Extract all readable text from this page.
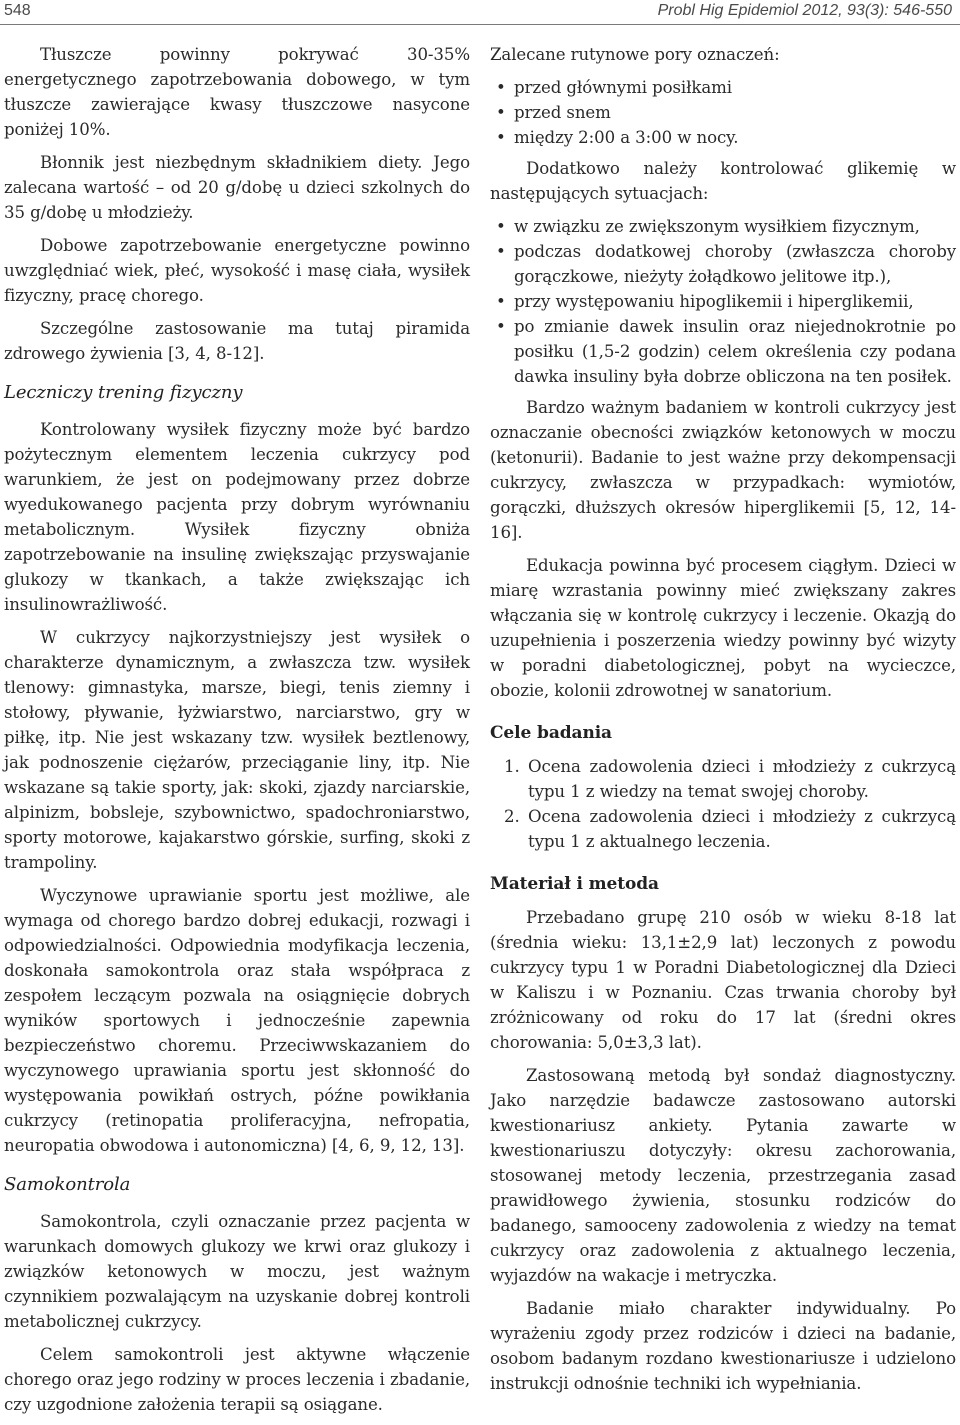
548	Probl Hig Epidemiol 2012, 93(3): 546-550

Tłuszcze powinny pokrywać 30-35% energetycznego zapotrzebowania dobowego, w tym tłuszcze zawierające kwasy tłuszczowe nasycone poniżej 10%.

Błonnik jest niezbędnym składnikiem diety. Jego zalecana wartość – od 20 g/dobę u dzieci szkolnych do 35 g/dobę u młodzieży.

Dobowe zapotrzebowanie energetyczne powinno uwzględniać wiek, płeć, wysokość i masę ciała, wysiłek fizyczny, pracę chorego.

Szczególne zastosowanie ma tutaj piramida zdrowego żywienia [3, 4, 8-12].

Leczniczy trening fizyczny

Kontrolowany wysiłek fizyczny może być bardzo pożytecznym elementem leczenia cukrzycy pod warunkiem, że jest on podejmowany przez dobrze wyedukowanego pacjenta przy dobrym wyrównaniu metabolicznym. Wysiłek fizyczny obniża zapotrzebowanie na insulinę zwiększając przyswajanie glukozy w tkankach, a także zwiększając ich insulinowrażliwość.

W cukrzycy najkorzystniejszy jest wysiłek o charakterze dynamicznym, a zwłaszcza tzw. wysiłek tlenowy: gimnastyka, marsze, biegi, tenis ziemny i stołowy, pływanie, łyżwiarstwo, narciarstwo, gry w piłkę, itp. Nie jest wskazany tzw. wysiłek beztlenowy, jak podnoszenie ciężarów, przeciąganie liny, itp. Nie wskazane są takie sporty, jak: skoki, zjazdy narciarskie, alpinizm, bobsleje, szybownictwo, spadochroniarstwo, sporty motorowe, kajakarstwo górskie, surfing, skoki z trampoliny.

Wyczynowe uprawianie sportu jest możliwe, ale wymaga od chorego bardzo dobrej edukacji, rozwagi i odpowiedzialności. Odpowiednia modyfikacja leczenia, doskonała samokontrola oraz stała współpraca z zespołem leczącym pozwala na osiągnięcie dobrych wyników sportowych i jednocześnie zapewnia bezpieczeństwo choremu. Przeciwwskazaniem do wyczynowego uprawiania sportu jest skłonność do występowania powikłań ostrych, późne powikłania cukrzycy (retinopatia proliferacyjna, nefropatia, neuropatia obwodowa i autonomiczna) [4, 6, 9, 12, 13].

Samokontrola

Samokontrola, czyli oznaczanie przez pacjenta w warunkach domowych glukozy we krwi oraz glukozy i związków ketonowych w moczu, jest ważnym czynnikiem pozwalającym na uzyskanie dobrej kontroli metabolicznej cukrzycy.

Celem samokontroli jest aktywne włączenie chorego oraz jego rodziny w proces leczenia i zbadanie, czy uzgodnione założenia terapii są osiągane.

Zalecane rutynowe pory oznaczeń:

• przed głównymi posiłkami
• przed snem
• między 2:00 a 3:00 w nocy.

Dodatkowo należy kontrolować glikemię w następujących sytuacjach:

• w związku ze zwiększonym wysiłkiem fizycznym,
• podczas dodatkowej choroby (zwłaszcza choroby gorączkowe, nieżyty żołądkowo jelitowe itp.),
• przy występowaniu hipoglikemii i hiperglikemii,
• po zmianie dawek insulin oraz niejednokrotnie po posiłku (1,5-2 godzin) celem określenia czy podana dawka insuliny była dobrze obliczona na ten posiłek.

Bardzo ważnym badaniem w kontroli cukrzycy jest oznaczanie obecności związków ketonowych w moczu (ketonurii). Badanie to jest ważne przy dekompensacji cukrzycy, zwłaszcza w przypadkach: wymiotów, gorączki, dłuższych okresów hiperglikemii [5, 12, 14-16].

Edukacja powinna być procesem ciągłym. Dzieci w miarę wzrastania powinny mieć zwiększany zakres włączania się w kontrolę cukrzycy i leczenie. Okazją do uzupełnienia i poszerzenia wiedzy powinny być wizyty w poradni diabetologicznej, pobyt na wycieczce, obozie, kolonii zdrowotnej w sanatorium.

Cele badania
1. Ocena zadowolenia dzieci i młodzieży z cukrzycą typu 1 z wiedzy na temat swojej choroby.
2. Ocena zadowolenia dzieci i młodzieży z cukrzycą typu 1 z aktualnego leczenia.
Materiał i metoda

Przebadano grupę 210 osób w wieku 8-18 lat (średnia wieku: 13,1±2,9 lat) leczonych z powodu cukrzycy typu 1 w Poradni Diabetologicznej dla Dzieci w Kaliszu i w Poznaniu. Czas trwania choroby był zróżnicowany od roku do 17 lat (średni okres chorowania: 5,0±3,3 lat).

Zastosowaną metodą był sondaż diagnostyczny. Jako narzędzie badawcze zastosowano autorski kwestionariusz ankiety. Pytania zawarte w kwestionariuszu dotyczyły: okresu zachorowania, stosowanej metody leczenia, przestrzegania zasad prawidłowego żywienia, stosunku rodziców do badanego, samooceny zadowolenia z wiedzy na temat cukrzycy oraz zadowolenia z aktualnego leczenia, wyjazdów na wakacje i metryczka.

Badanie miało charakter indywidualny. Po wyrażeniu zgody przez rodziców i dzieci na badanie, osobom badanym rozdano kwestionariusze i udzielono instrukcji odnośnie techniki ich wypełniania.
